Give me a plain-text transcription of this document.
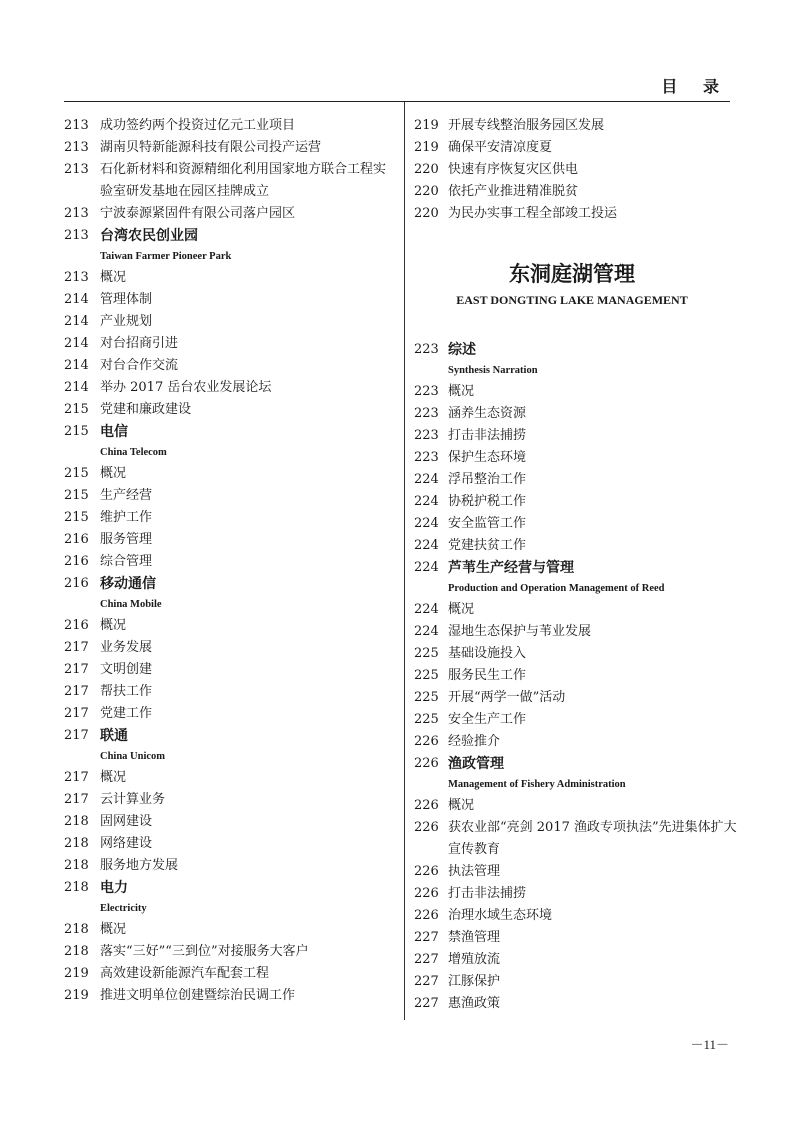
目 录
213 成功签约两个投资过亿元工业项目
213 湖南贝特新能源科技有限公司投产运营
213 石化新材料和资源精细化利用国家地方联合工程实验室研发基地在园区挂牌成立
213 宁波泰源紧固件有限公司落户园区
213 台湾农民创业园
Taiwan Farmer Pioneer Park
213 概况
214 管理体制
214 产业规划
214 对台招商引进
214 对台合作交流
214 举办 2017 岳台农业发展论坛
215 党建和廉政建设
215 电信
China Telecom
215 概况
215 生产经营
215 维护工作
216 服务管理
216 综合管理
216 移动通信
China Mobile
216 概况
217 业务发展
217 文明创建
217 帮扶工作
217 党建工作
217 联通
China Unicom
217 概况
217 云计算业务
218 固网建设
218 网络建设
218 服务地方发展
218 电力
Electricity
218 概况
218 落实“三好”“三到位”对接服务大客户
219 高效建设新能源汽车配套工程
219 推进文明单位创建暨综治民调工作
219 开展专线整治服务园区发展
219 确保平安清凉度夏
220 快速有序恢复灾区供电
220 依托产业推进精准脱贫
220 为民办实事工程全部竣工投运
东洞庭湖管理
EAST DONGTING LAKE MANAGEMENT
223 综述
Synthesis Narration
223 概况
223 涵养生态资源
223 打击非法捕捞
223 保护生态环境
224 浮吊整治工作
224 协税护税工作
224 安全监管工作
224 党建扶贫工作
224 芦苇生产经营与管理
Production and Operation Management of Reed
224 概况
224 湿地生态保护与苇业发展
225 基础设施投入
225 服务民生工作
225 开展“两学一做”活动
225 安全生产工作
226 经验推介
226 渔政管理
Management of Fishery Administration
226 概况
226 获农业部“亮剑 2017 渔政专项执法”先进集体扩大宣传教育
226 执法管理
226 打击非法捕捞
226 治理水域生态环境
227 禁渔管理
227 增殖放流
227 江豚保护
227 惠渔政策
－11－
